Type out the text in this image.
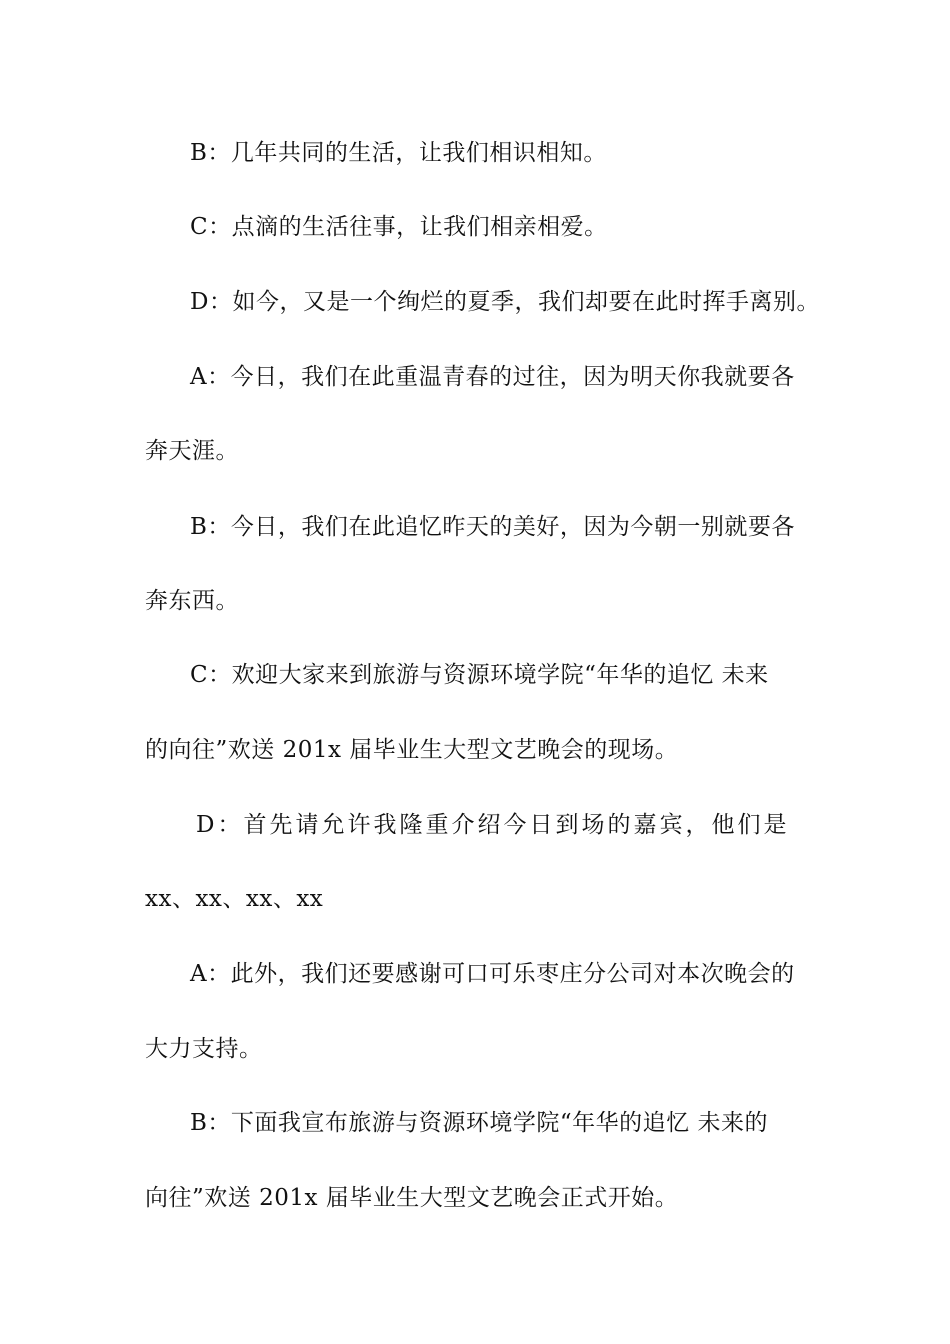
B：几年共同的生活，让我们相识相知。
C：点滴的生活往事，让我们相亲相爱。
D：如今，又是一个绚烂的夏季，我们却要在此时挥手离别。
A：今日，我们在此重温青春的过往，因为明天你我就要各
奔天涯。
B：今日，我们在此追忆昨天的美好，因为今朝一别就要各
奔东西。
C：欢迎大家来到旅游与资源环境学院“年华的追忆 未来
的向往”欢送 201x 届毕业生大型文艺晚会的现场。
D：首先请允许我隆重介绍今日到场的嘉宾，他们是
xx、xx、xx、xx
A：此外，我们还要感谢可口可乐枣庄分公司对本次晚会的
大力支持。
B：下面我宣布旅游与资源环境学院“年华的追忆 未来的
向往”欢送 201x 届毕业生大型文艺晚会正式开始。
